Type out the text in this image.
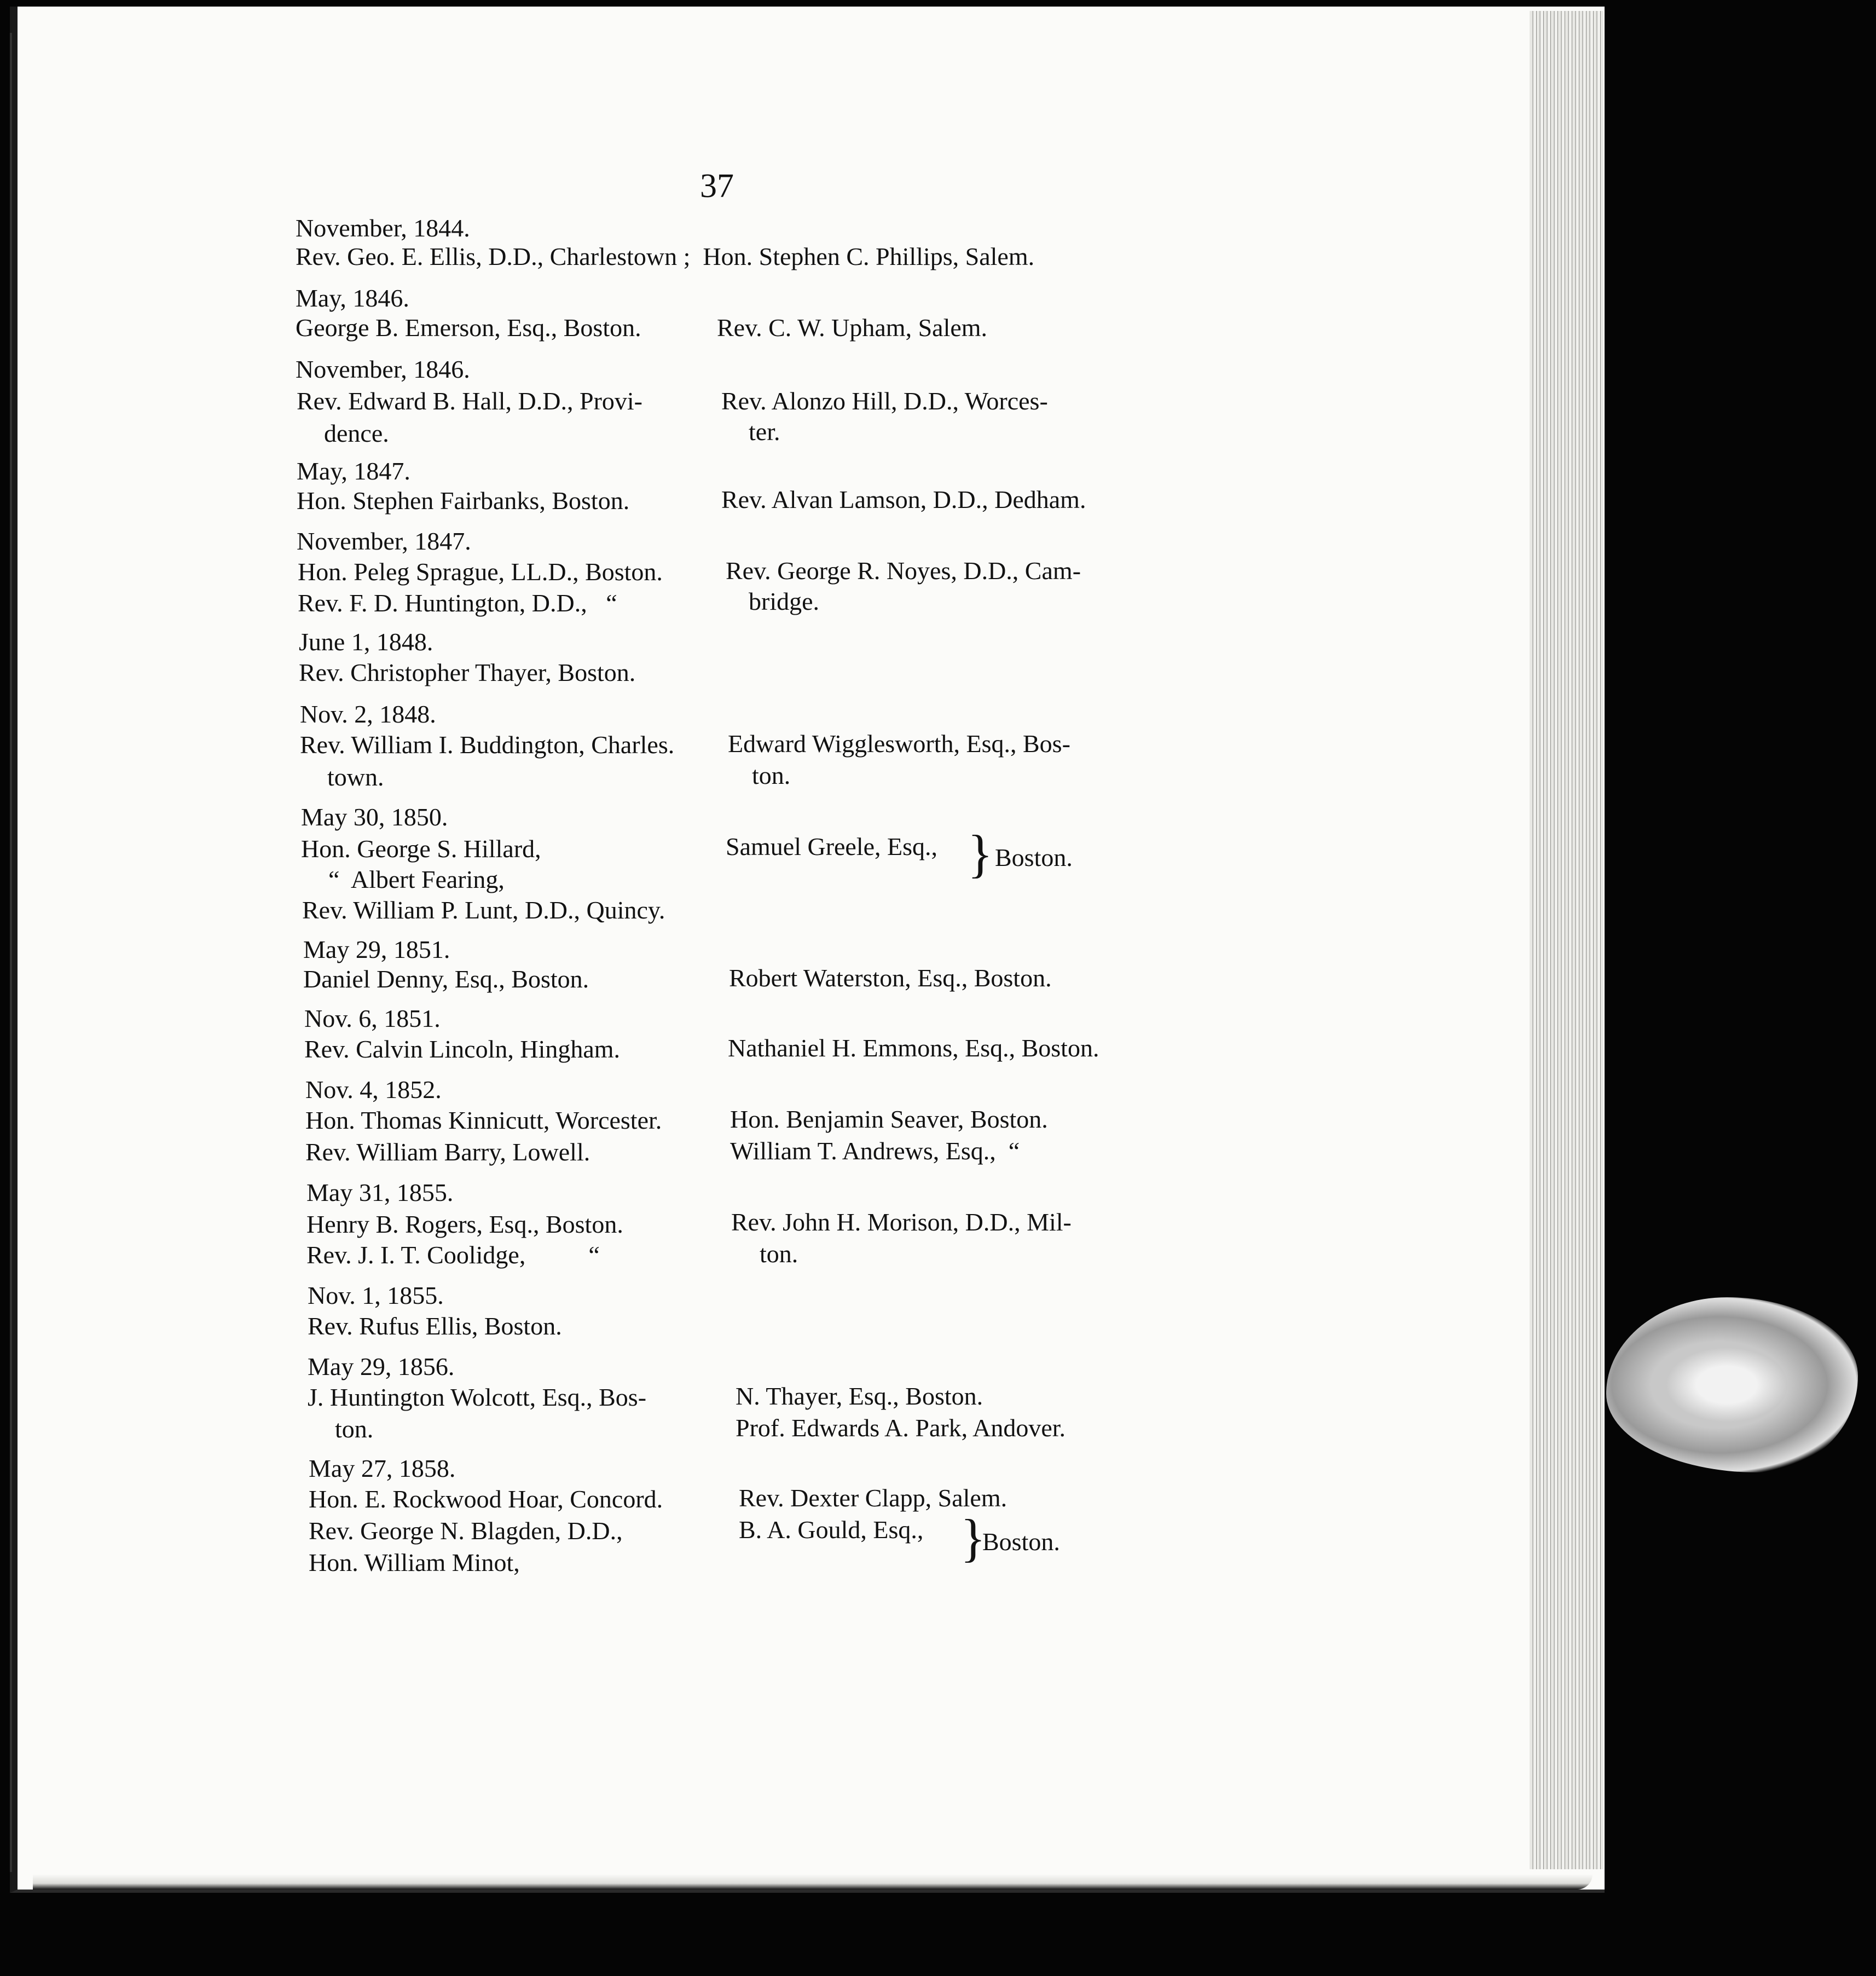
37
November, 1844.
Rev. Geo. E. Ellis, D.D., Charlestown ;  Hon. Stephen C. Phillips, Salem.
May, 1846.
George B. Emerson, Esq., Boston.
November, 1846.
Rev. Edward B. Hall, D.D., Provi-
dence.
May, 1847.
Hon. Stephen Fairbanks, Boston.
November, 1847.
Hon. Peleg Sprague, LL.D., Boston.
Rev. F. D. Huntington, D.D.,   “
June 1, 1848.
Rev. Christopher Thayer, Boston.
Nov. 2, 1848.
Rev. William I. Buddington, Charles.
town.
May 30, 1850.
Hon. George S. Hillard,
“  Albert Fearing,
Rev. William P. Lunt, D.D., Quincy.
May 29, 1851.
Daniel Denny, Esq., Boston.
Nov. 6, 1851.
Rev. Calvin Lincoln, Hingham.
Nov. 4, 1852.
Hon. Thomas Kinnicutt, Worcester.
Rev. William Barry, Lowell.
May 31, 1855.
Henry B. Rogers, Esq., Boston.
Rev. J. I. T. Coolidge,          “
Nov. 1, 1855.
Rev. Rufus Ellis, Boston.
May 29, 1856.
J. Huntington Wolcott, Esq., Bos-
ton.
May 27, 1858.
Hon. E. Rockwood Hoar, Concord.
Rev. George N. Blagden, D.D.,
Hon. William Minot,
Rev. C. W. Upham, Salem.
Rev. Alonzo Hill, D.D., Worces-
ter.
Rev. Alvan Lamson, D.D., Dedham.
Rev. George R. Noyes, D.D., Cam-
bridge.
Edward Wigglesworth, Esq., Bos-
ton.
Samuel Greele, Esq., } Boston.
Robert Waterston, Esq., Boston.
Nathaniel H. Emmons, Esq., Boston.
Hon. Benjamin Seaver, Boston.
William T. Andrews, Esq.,  “
Rev. John H. Morison, D.D., Mil-
ton.
N. Thayer, Esq., Boston.
Prof. Edwards A. Park, Andover.
Rev. Dexter Clapp, Salem.
B. A. Gould, Esq., }
Boston.
